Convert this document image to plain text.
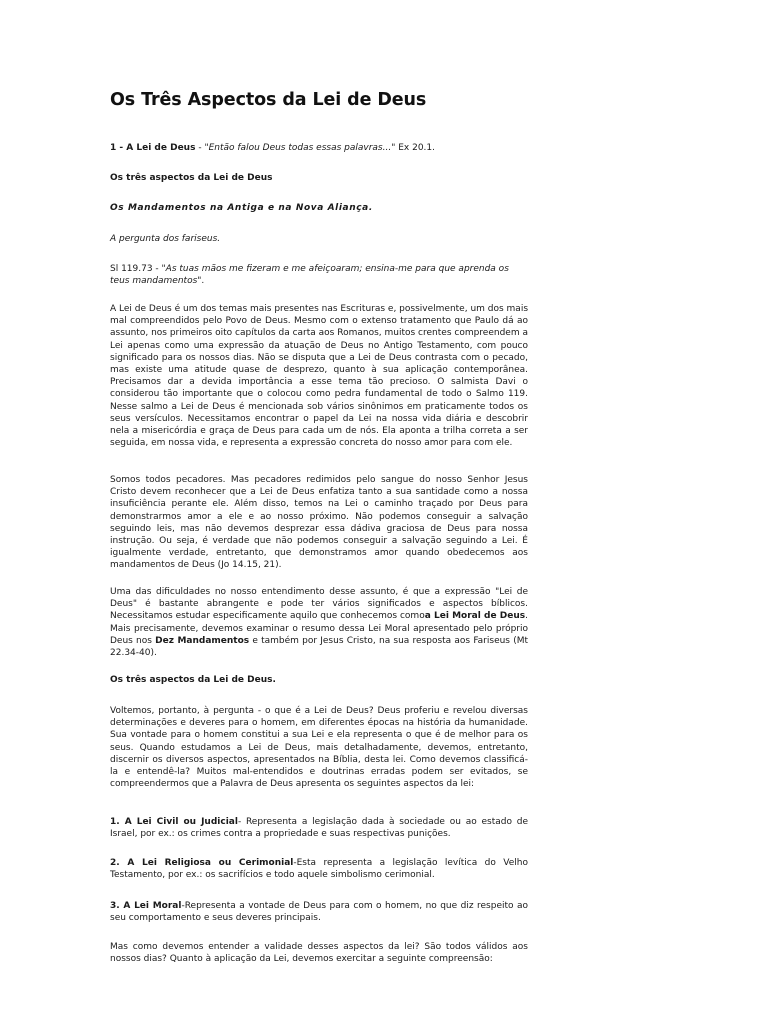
Os Três Aspectos da Lei de Deus

1 - A Lei de Deus - "Então falou Deus todas essas palavras..." Ex 20.1.

Os três aspectos da Lei de Deus

Os Mandamentos na Antiga e na Nova Aliança.

A pergunta dos fariseus.

Sl 119.73 - "As tuas mãos me fizeram e me afeiçoaram; ensina-me para que aprenda os teus mandamentos".

A Lei de Deus é um dos temas mais presentes nas Escrituras e, possivelmente, um dos mais mal compreendidos pelo Povo de Deus. Mesmo com o extenso tratamento que Paulo dá ao assunto, nos primeiros oito capítulos da carta aos Romanos, muitos crentes compreendem a Lei apenas como uma expressão da atuação de Deus no Antigo Testamento, com pouco significado para os nossos dias. Não se disputa que a Lei de Deus contrasta com o pecado, mas existe uma atitude quase de desprezo, quanto à sua aplicação contemporânea. Precisamos dar a devida importância a esse tema tão precioso. O salmista Davi o considerou tão importante que o colocou como pedra fundamental de todo o Salmo 119. Nesse salmo a Lei de Deus é mencionada sob vários sinônimos em praticamente todos os seus versículos. Necessitamos encontrar o papel da Lei na nossa vida diária e descobrir nela a misericórdia e graça de Deus para cada um de nós. Ela aponta a trilha correta a ser seguida, em nossa vida, e representa a expressão concreta do nosso amor para com ele.

Somos todos pecadores. Mas pecadores redimidos pelo sangue do nosso Senhor Jesus Cristo devem reconhecer que a Lei de Deus enfatiza tanto a sua santidade como a nossa insuficiência perante ele. Além disso, temos na Lei o caminho traçado por Deus para demonstrarmos amor a ele e ao nosso próximo. Não podemos conseguir a salvação seguindo leis, mas não devemos desprezar essa dádiva graciosa de Deus para nossa instrução. Ou seja, é verdade que não podemos conseguir a salvação seguindo a Lei. É igualmente verdade, entretanto, que demonstramos amor quando obedecemos aos mandamentos de Deus (Jo 14.15, 21).

Uma das dificuldades no nosso entendimento desse assunto, é que a expressão "Lei de Deus" é bastante abrangente e pode ter vários significados e aspectos bíblicos. Necessitamos estudar especificamente aquilo que conhecemos comoa Lei Moral de Deus. Mais precisamente, devemos examinar o resumo dessa Lei Moral apresentado pelo próprio Deus nos Dez Mandamentos e também por Jesus Cristo, na sua resposta aos Fariseus (Mt 22.34-40).

Os três aspectos da Lei de Deus.

Voltemos, portanto, à pergunta - o que é a Lei de Deus? Deus proferiu e revelou diversas determinações e deveres para o homem, em diferentes épocas na história da humanidade. Sua vontade para o homem constitui a sua Lei e ela representa o que é de melhor para os seus. Quando estudamos a Lei de Deus, mais detalhadamente, devemos, entretanto, discernir os diversos aspectos, apresentados na Bíblia, desta lei. Como devemos classificá-la e entendê-la? Muitos mal-entendidos e doutrinas erradas podem ser evitados, se compreendermos que a Palavra de Deus apresenta os seguintes aspectos da lei:

1. A Lei Civil ou Judicial- Representa a legislação dada à sociedade ou ao estado de Israel, por ex.: os crimes contra a propriedade e suas respectivas punições.

2. A Lei Religiosa ou Cerimonial-Esta representa a legislação levítica do Velho Testamento, por ex.: os sacrifícios e todo aquele simbolismo cerimonial.

3. A Lei Moral-Representa a vontade de Deus para com o homem, no que diz respeito ao seu comportamento e seus deveres principais.

Mas como devemos entender a validade desses aspectos da lei? São todos válidos aos nossos dias? Quanto à aplicação da Lei, devemos exercitar a seguinte compreensão:
